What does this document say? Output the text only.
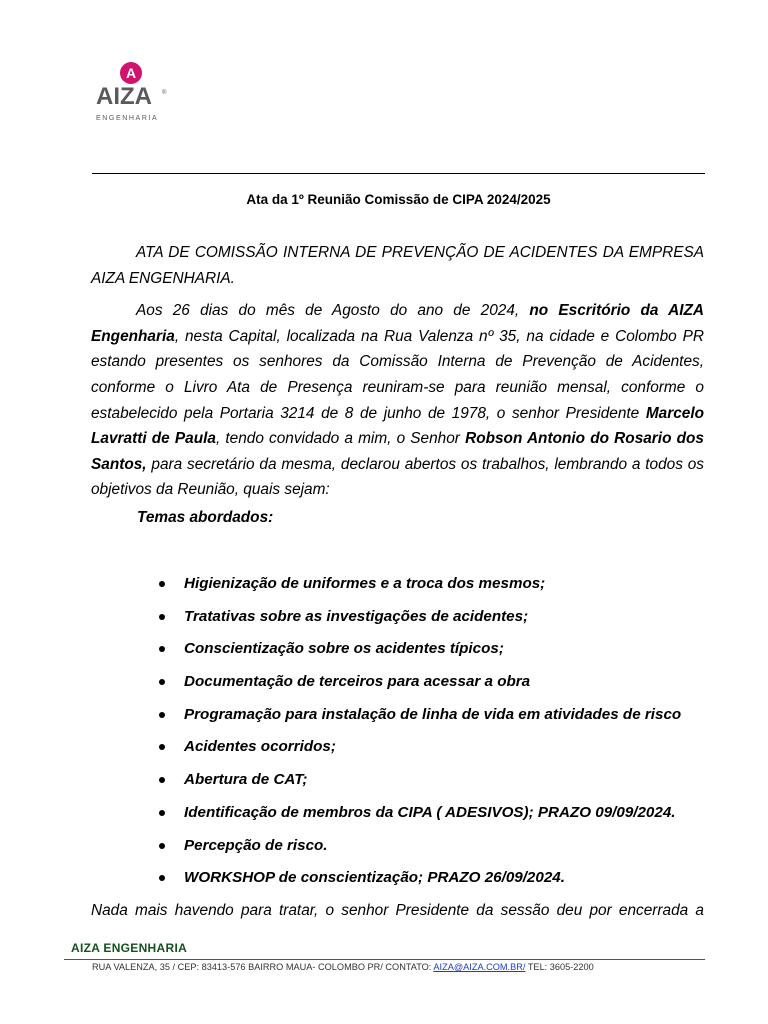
A
AIZA ®
ENGENHARIA
Ata da 1º Reunião Comissão de CIPA 2024/2025

ATA DE COMISSÃO INTERNA DE PREVENÇÃO DE ACIDENTES DA EMPRESA AIZA ENGENHARIA.

Aos 26 dias do mês de Agosto do ano de 2024, no Escritório da AIZA Engenharia, nesta Capital, localizada na Rua Valenza nº 35, na cidade e Colombo PR estando presentes os senhores da Comissão Interna de Prevenção de Acidentes, conforme o Livro Ata de Presença reuniram-se para reunião mensal, conforme o estabelecido pela Portaria 3214 de 8 de junho de 1978, o senhor Presidente Marcelo Lavratti de Paula, tendo convidado a mim, o Senhor Robson Antonio do Rosario dos Santos, para secretário da mesma, declarou abertos os trabalhos, lembrando a todos os objetivos da Reunião, quais sejam:

Temas abordados:
Higienização de uniformes e a troca dos mesmos;
Tratativas sobre as investigações de acidentes;
Conscientização sobre os acidentes típicos;
Documentação de terceiros para acessar a obra
Programação para instalação de linha de vida em atividades de risco
Acidentes ocorridos;
Abertura de CAT;
Identificação de membros da CIPA ( ADESIVOS); PRAZO 09/09/2024.
Percepção de risco.
WORKSHOP de conscientização; PRAZO 26/09/2024.
Nada mais havendo para tratar, o senhor Presidente da sessão deu por encerrada a
AIZA ENGENHARIA
RUA VALENZA, 35 / CEP: 83413-576 BAIRRO MAUA- COLOMBO PR/ CONTATO: AIZA@AIZA.COM.BR/ TEL: 3605-2200
